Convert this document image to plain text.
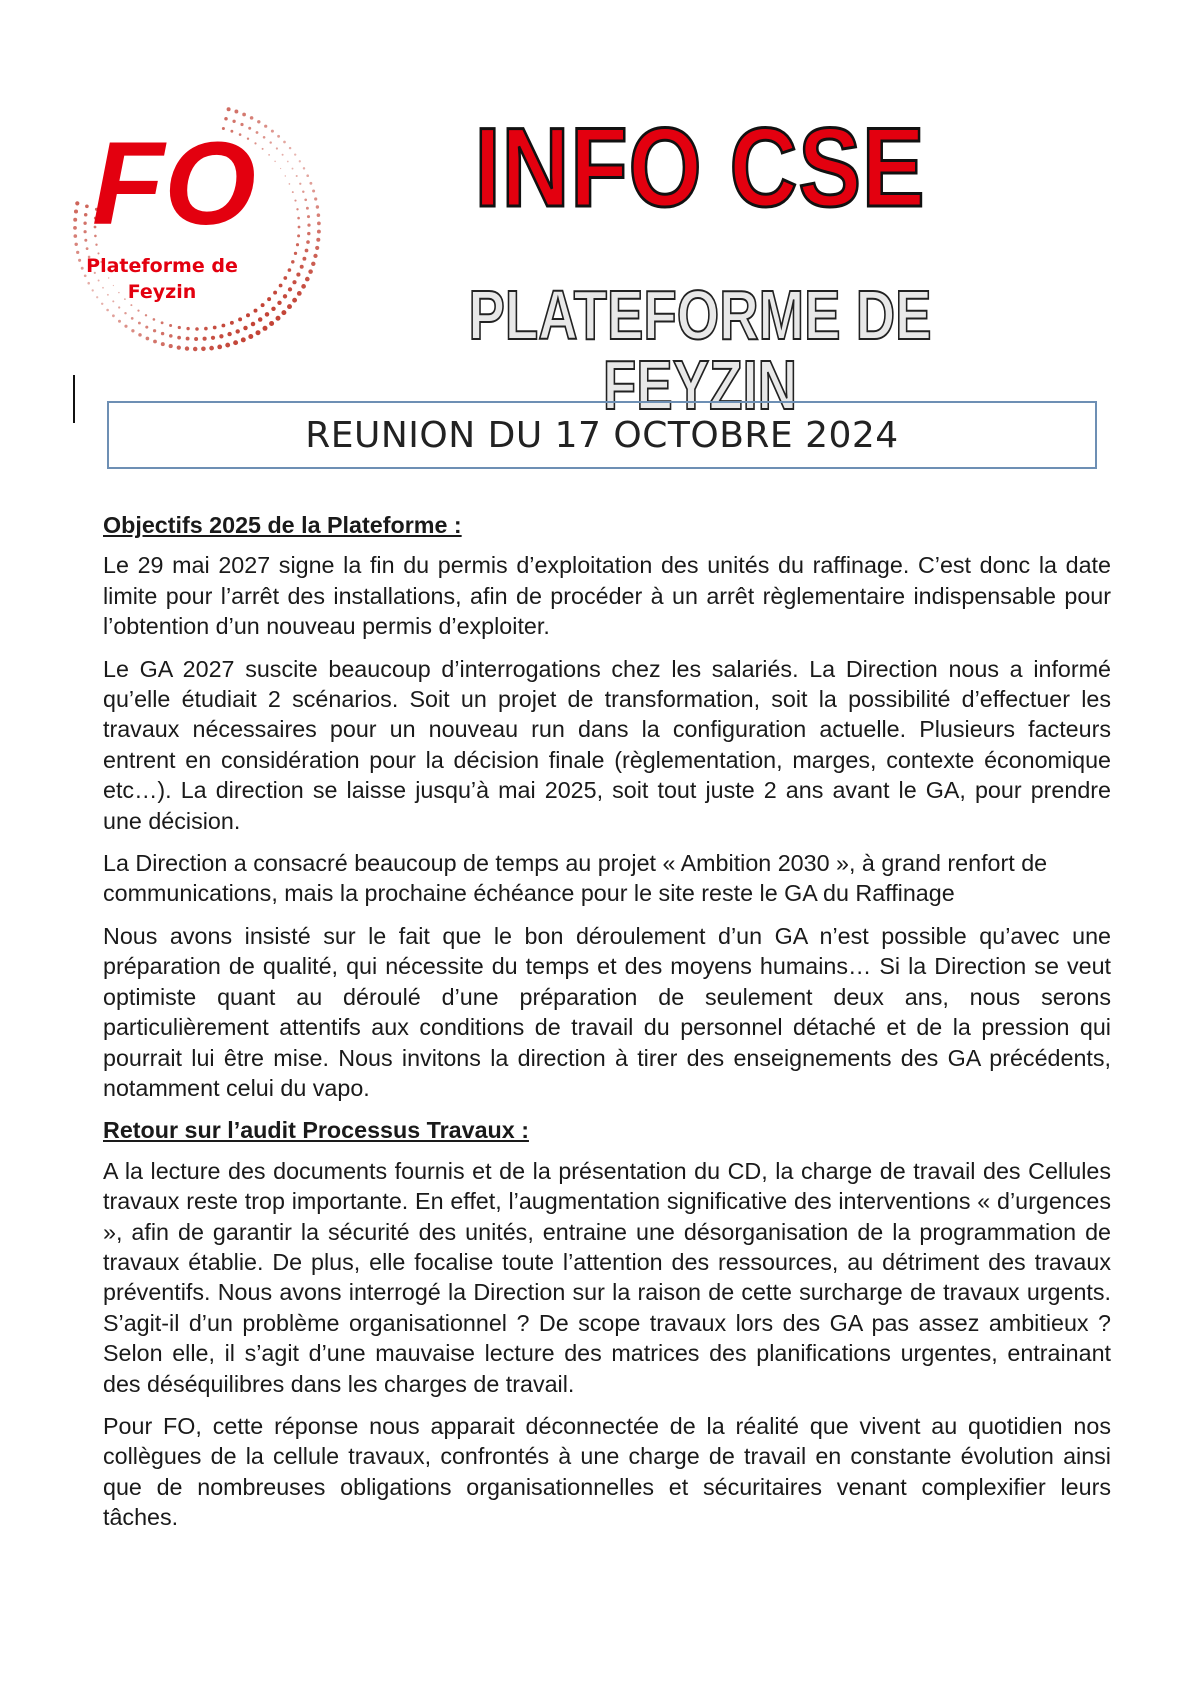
FO
Plateforme de
Feyzin
INFO CSE
PLATEFORME DE FEYZIN
REUNION DU 17 OCTOBRE 2024
Objectifs 2025 de la Plateforme :

Le 29 mai 2027 signe la fin du permis d’exploitation des unités du raffinage. C’est donc la date limite pour l’arrêt des installations, afin de procéder à un arrêt règlementaire indispensable pour l’obtention d’un nouveau permis d’exploiter.

Le GA 2027 suscite beaucoup d’interrogations chez les salariés. La Direction nous a informé qu’elle étudiait 2 scénarios. Soit un projet de transformation, soit la possibilité d’effectuer les travaux nécessaires pour un nouveau run dans la configuration actuelle. Plusieurs facteurs entrent en considération pour la décision finale (règlementation, marges, contexte économique etc…). La direction se laisse jusqu’à mai 2025, soit tout juste 2 ans avant le GA, pour prendre une décision.

La Direction a consacré beaucoup de temps au projet « Ambition 2030 », à grand renfort de communications, mais la prochaine échéance pour le site reste le GA du Raffinage

Nous avons insisté sur le fait que le bon déroulement d’un GA n’est possible qu’avec une préparation de qualité, qui nécessite du temps et des moyens humains… Si la Direction se veut optimiste quant au déroulé d’une préparation de seulement deux ans, nous serons particulièrement attentifs aux conditions de travail du personnel détaché et de la pression qui pourrait lui être mise. Nous invitons la direction à tirer des enseignements des GA précédents, notamment celui du vapo.

Retour sur l’audit Processus Travaux :

A la lecture des documents fournis et de la présentation du CD, la charge de travail des Cellules travaux reste trop importante. En effet, l’augmentation significative des interventions « d’urgences », afin de garantir la sécurité des unités, entraine une désorganisation de la programmation de travaux établie. De plus, elle focalise toute l’attention des ressources, au détriment des travaux préventifs. Nous avons interrogé la Direction sur la raison de cette surcharge de travaux urgents. S’agit-il d’un problème organisationnel ? De scope travaux lors des GA pas assez ambitieux ? Selon elle, il s’agit d’une mauvaise lecture des matrices des planifications urgentes, entrainant des déséquilibres dans les charges de travail.

Pour FO, cette réponse nous apparait déconnectée de la réalité que vivent au quotidien nos collègues de la cellule travaux, confrontés à une charge de travail en constante évolution ainsi que de nombreuses obligations organisationnelles et sécuritaires venant complexifier leurs tâches.
